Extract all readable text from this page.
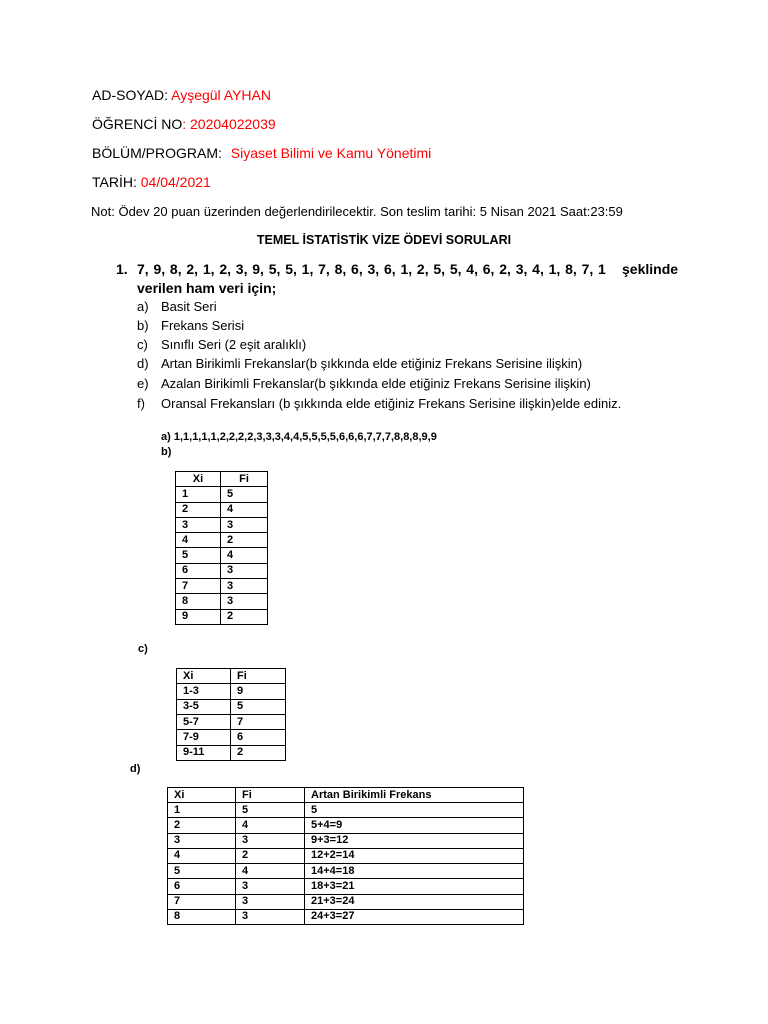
AD-SOYAD: Ayşegül AYHAN
ÖĞRENCİ NO: 20204022039
BÖLÜM/PROGRAM: Siyaset Bilimi ve Kamu Yönetimi
TARİH: 04/04/2021
Not: Ödev 20 puan üzerinden değerlendirilecektir. Son teslim tarihi: 5 Nisan 2021 Saat:23:59
TEMEL İSTATİSTİK VİZE ÖDEVİ SORULARI
1. 7, 9, 8, 2, 1, 2, 3, 9, 5, 5, 1, 7, 8, 6, 3, 6, 1, 2, 5, 5, 4, 6, 2, 3, 4, 1, 8, 7, 1 şeklinde
verilen ham veri için;
a) Basit Seri
b) Frekans Serisi
c) Sınıflı Seri (2 eşit aralıklı)
d) Artan Birikimli Frekanslar(b şıkkında elde etiğiniz Frekans Serisine ilişkin)
e) Azalan Birikimli Frekanslar(b şıkkında elde etiğiniz Frekans Serisine ilişkin)
f) Oransal Frekansları (b şıkkında elde etiğiniz Frekans Serisine ilişkin)elde ediniz.
a) 1,1,1,1,1,2,2,2,2,3,3,3,4,4,5,5,5,5,6,6,6,7,7,7,8,8,8,9,9
b)
Xi	Fi
1	5
2	4
3	3
4	2
5	4
6	3
7	3
8	3
9	2
c)
Xi	Fi
1-3	9
3-5	5
5-7	7
7-9	6
9-11	2
d)
Xi	Fi	Artan Birikimli Frekans
1	5	5
2	4	5+4=9
3	3	9+3=12
4	2	12+2=14
5	4	14+4=18
6	3	18+3=21
7	3	21+3=24
8	3	24+3=27
